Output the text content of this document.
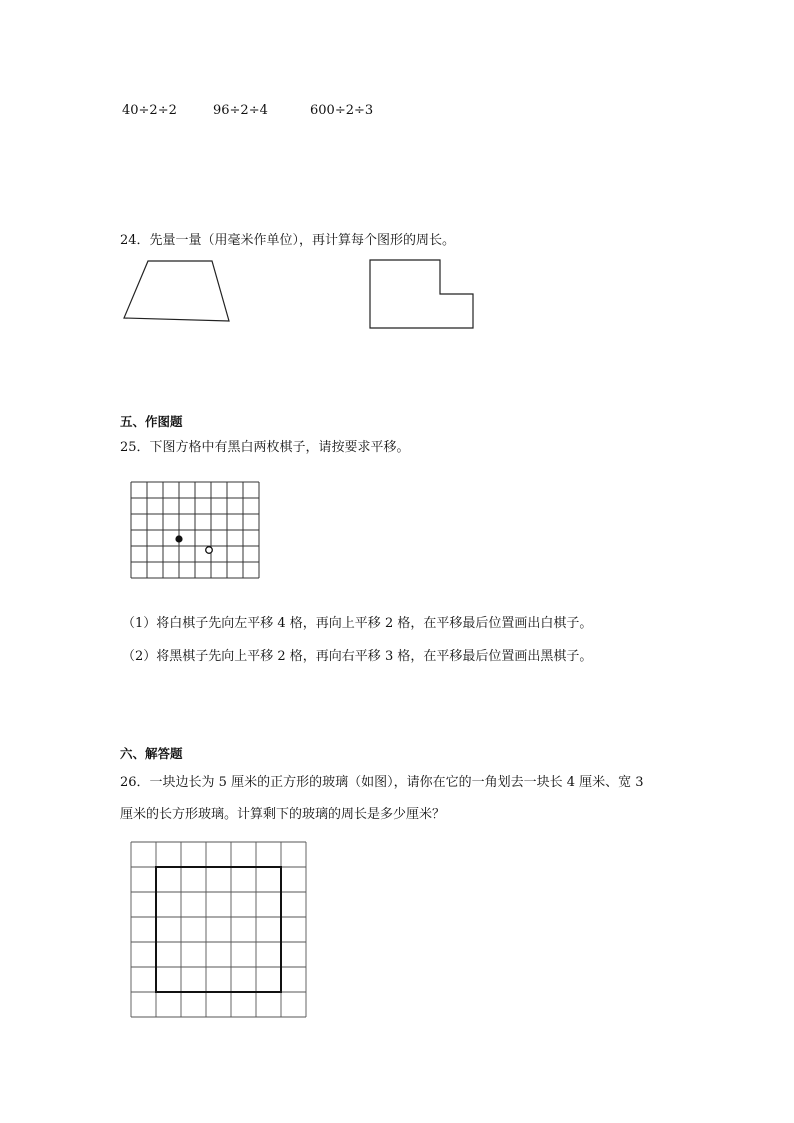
40÷2÷2	96÷2÷4	600÷2÷3
24．先量一量（用毫米作单位），再计算每个图形的周长。
五、作图题
25．下图方格中有黑白两枚棋子，请按要求平移。
（1）将白棋子先向左平移 4 格，再向上平移 2 格，在平移最后位置画出白棋子。
（2）将黑棋子先向上平移 2 格，再向右平移 3 格，在平移最后位置画出黑棋子。
六、解答题
26．一块边长为 5 厘米的正方形的玻璃（如图），请你在它的一角划去一块长 4 厘米、宽 3
厘米的长方形玻璃。计算剩下的玻璃的周长是多少厘米？
